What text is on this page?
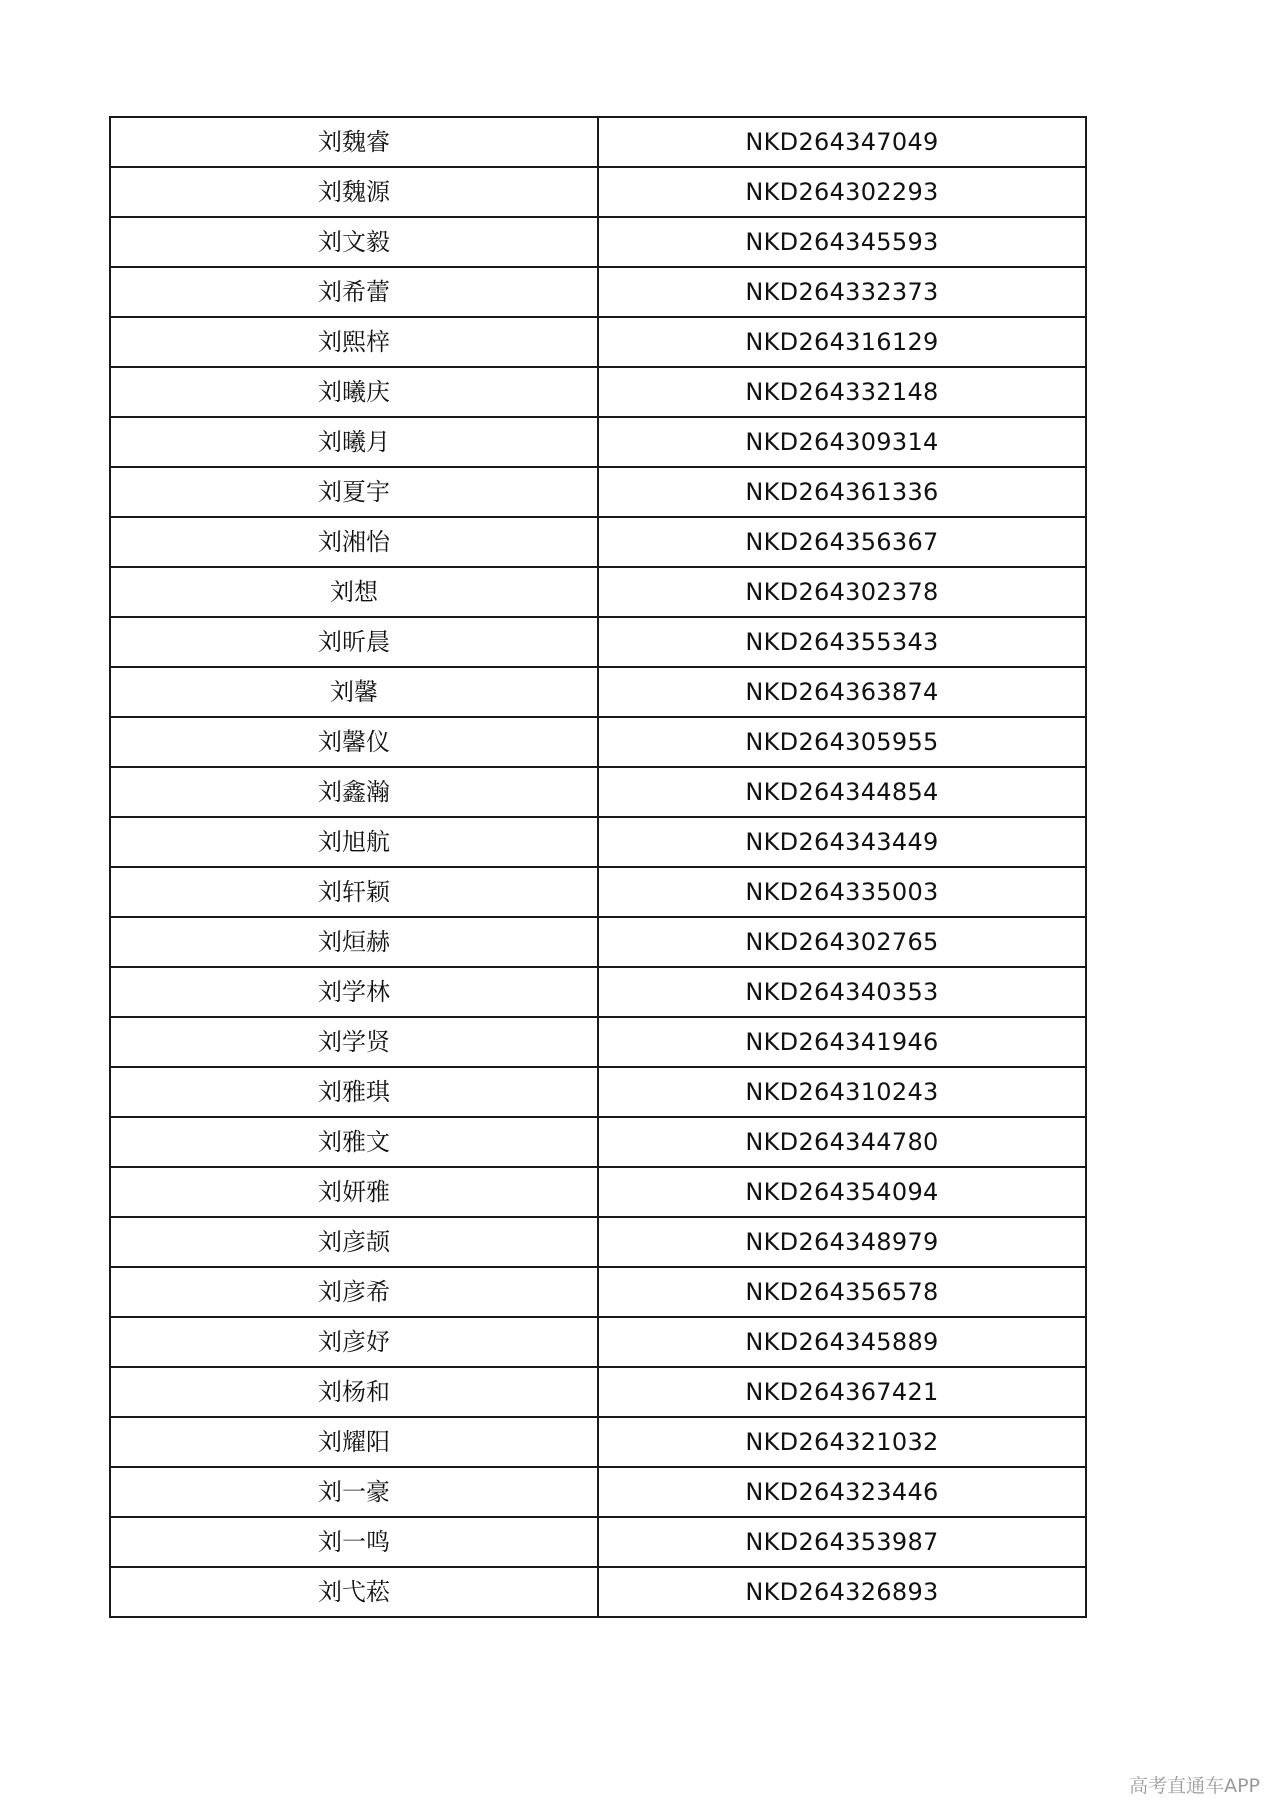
刘魏睿	NKD264347049
刘魏源	NKD264302293
刘文毅	NKD264345593
刘希蕾	NKD264332373
刘熙梓	NKD264316129
刘曦庆	NKD264332148
刘曦月	NKD264309314
刘夏宇	NKD264361336
刘湘怡	NKD264356367
刘想	NKD264302378
刘昕晨	NKD264355343
刘馨	NKD264363874
刘馨仪	NKD264305955
刘鑫瀚	NKD264344854
刘旭航	NKD264343449
刘轩颖	NKD264335003
刘烜赫	NKD264302765
刘学林	NKD264340353
刘学贤	NKD264341946
刘雅琪	NKD264310243
刘雅文	NKD264344780
刘妍雅	NKD264354094
刘彦颉	NKD264348979
刘彦希	NKD264356578
刘彦妤	NKD264345889
刘杨和	NKD264367421
刘耀阳	NKD264321032
刘一豪	NKD264323446
刘一鸣	NKD264353987
刘弋菘	NKD264326893
高考直通车APP
